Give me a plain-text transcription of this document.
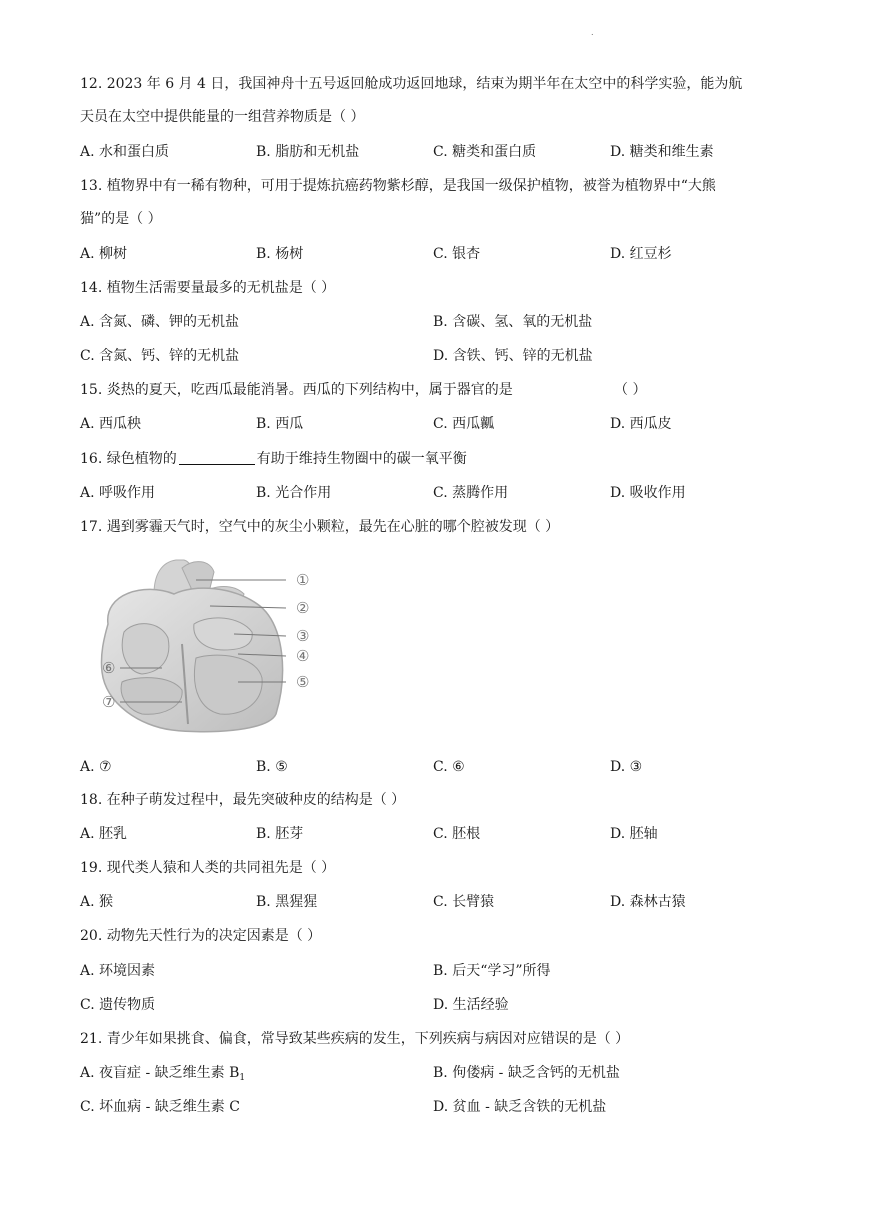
.
12. 2023 年 6 月 4 日，我国神舟十五号返回舱成功返回地球，结束为期半年在太空中的科学实验，能为航
天员在太空中提供能量的一组营养物质是（ ）
A. 水和蛋白质	B. 脂肪和无机盐	C. 糖类和蛋白质	D. 糖类和维生素
13. 植物界中有一稀有物种，可用于提炼抗癌药物紫杉醇，是我国一级保护植物，被誉为植物界中“大熊
猫”的是（ ）
A. 柳树	B. 杨树	C. 银杏	D. 红豆杉
14. 植物生活需要量最多的无机盐是（ ）
A. 含氮、磷、钾的无机盐	B. 含碳、氢、氧的无机盐
C. 含氮、钙、锌的无机盐	D. 含铁、钙、锌的无机盐
15. 炎热的夏天，吃西瓜最能消暑。西瓜的下列结构中，属于器官的是	（ ）
A. 西瓜秧	B. 西瓜	C. 西瓜瓤	D. 西瓜皮
16. 绿色植物的	有助于维持生物圈中的碳一氧平衡
A. 呼吸作用	B. 光合作用	C. 蒸腾作用	D. 吸收作用
17. 遇到雾霾天气时，空气中的灰尘小颗粒，最先在心脏的哪个腔被发现（ ）
①
②
③
④
⑤
⑥
⑦
A. ⑦	B. ⑤	C. ⑥	D. ③
18. 在种子萌发过程中，最先突破种皮的结构是（ ）
A. 胚乳	B. 胚芽	C. 胚根	D. 胚轴
19. 现代类人猿和人类的共同祖先是（ ）
A. 猴	B. 黑猩猩	C. 长臂猿	D. 森林古猿
20. 动物先天性行为的决定因素是（ ）
A. 环境因素	B. 后天“学习”所得
C. 遗传物质	D. 生活经验
21. 青少年如果挑食、偏食，常导致某些疾病的发生，下列疾病与病因对应错误的是（ ）
A. 夜盲症 - 缺乏维生素 $B_1$	B. 佝偻病 - 缺乏含钙的无机盐
C. 坏血病 - 缺乏维生素 C	D. 贫血 - 缺乏含铁的无机盐
